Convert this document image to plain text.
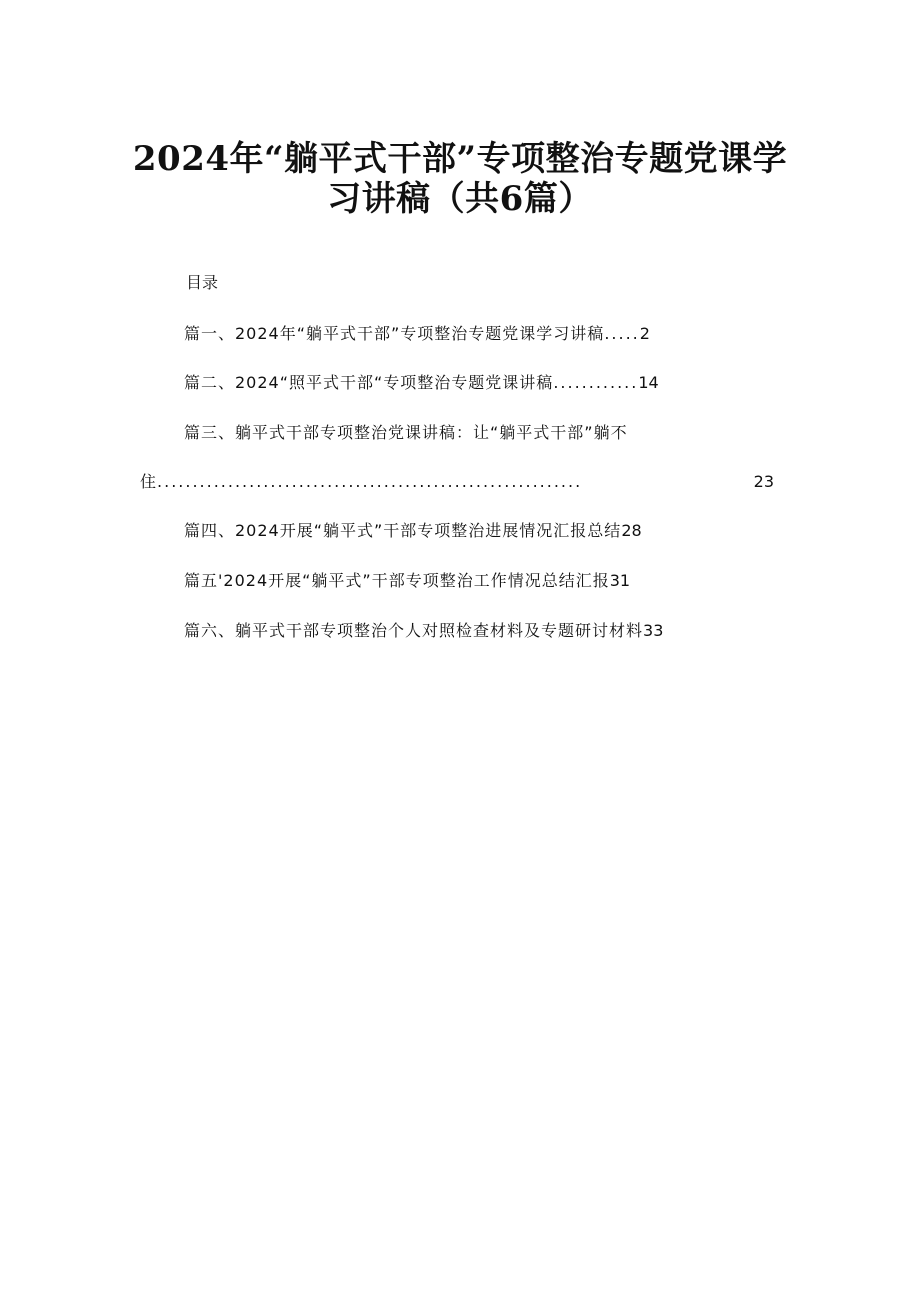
2024年“躺平式干部”专项整治专题党课学
习讲稿（共6篇）

目录

篇一、2024年“躺平式干部”专项整治专题党课学习讲稿 ..... 2
篇二、2024“照平式干部“专项整治专题党课讲稿 ............ 14
篇三、躺平式干部专项整治党课讲稿：让“躺平式干部”躺不
住 ............................................................	23
篇四、2024开展“躺平式”干部专项整治进展情况汇报总结 28
篇五'2024开展“躺平式”干部专项整治工作情况总结汇报 31
篇六、躺平式干部专项整治个人对照检查材料及专题研讨材料 33
